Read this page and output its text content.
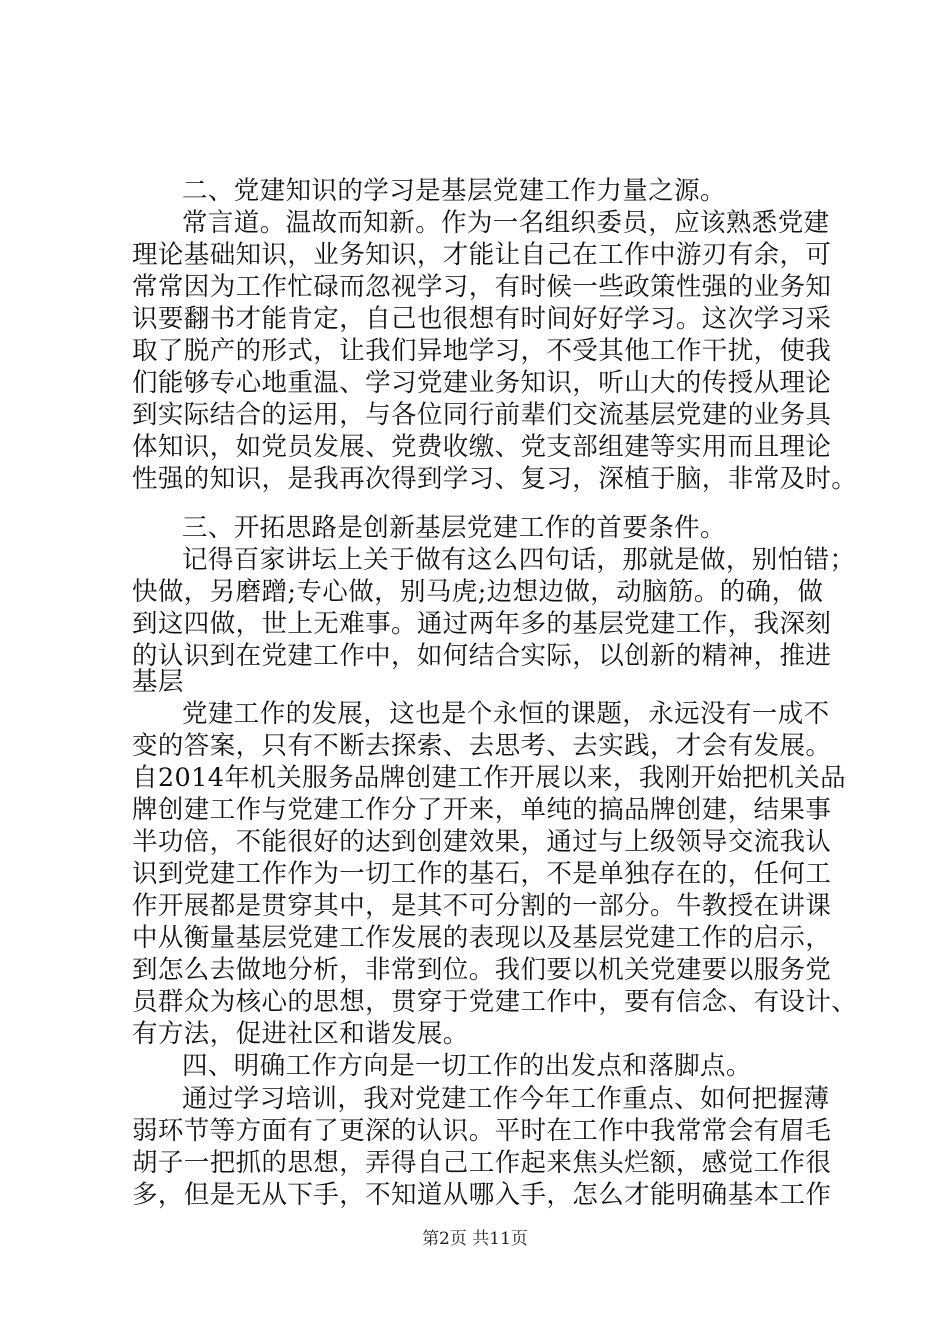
二、党建知识的学习是基层党建工作力量之源。
常言道。温故而知新。作为一名组织委员，应该熟悉党建
理论基础知识，业务知识，才能让自己在工作中游刃有余，可
常常因为工作忙碌而忽视学习，有时候一些政策性强的业务知
识要翻书才能肯定，自己也很想有时间好好学习。这次学习采
取了脱产的形式，让我们异地学习，不受其他工作干扰，使我
们能够专心地重温、学习党建业务知识，听山大的传授从理论
到实际结合的运用，与各位同行前辈们交流基层党建的业务具
体知识，如党员发展、党费收缴、党支部组建等实用而且理论
性强的知识，是我再次得到学习、复习，深植于脑，非常及时。
三、开拓思路是创新基层党建工作的首要条件。
记得百家讲坛上关于做有这么四句话，那就是做，别怕错；
快做，另磨蹭;专心做，别马虎;边想边做，动脑筋。的确，做
到这四做，世上无难事。通过两年多的基层党建工作，我深刻
的认识到在党建工作中，如何结合实际，以创新的精神，推进
基层
党建工作的发展，这也是个永恒的课题，永远没有一成不
变的答案，只有不断去探索、去思考、去实践，才会有发展。
自2014年机关服务品牌创建工作开展以来，我刚开始把机关品
牌创建工作与党建工作分了开来，单纯的搞品牌创建，结果事
半功倍，不能很好的达到创建效果，通过与上级领导交流我认
识到党建工作作为一切工作的基石，不是单独存在的，任何工
作开展都是贯穿其中，是其不可分割的一部分。牛教授在讲课
中从衡量基层党建工作发展的表现以及基层党建工作的启示，
到怎么去做地分析，非常到位。我们要以机关党建要以服务党
员群众为核心的思想，贯穿于党建工作中，要有信念、有设计、
有方法，促进社区和谐发展。
四、明确工作方向是一切工作的出发点和落脚点。
通过学习培训，我对党建工作今年工作重点、如何把握薄
弱环节等方面有了更深的认识。平时在工作中我常常会有眉毛
胡子一把抓的思想，弄得自己工作起来焦头烂额，感觉工作很
多，但是无从下手，不知道从哪入手，怎么才能明确基本工作
第2页 共11页
